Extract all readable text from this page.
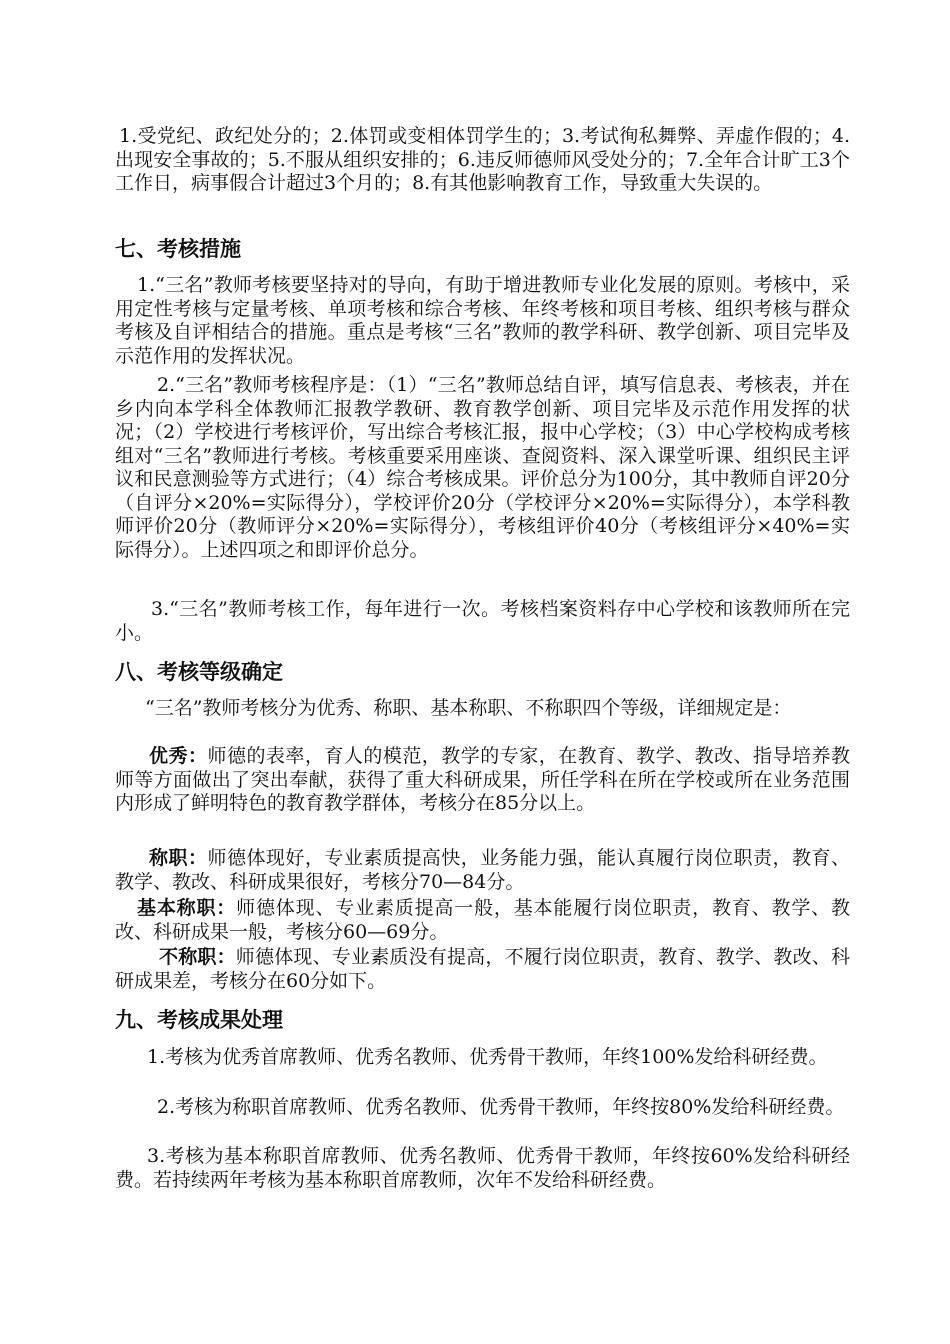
1.受党纪、政纪处分的；2.体罚或变相体罚学生的；3.考试徇私舞弊、弄虚作假的；4.出现安全事故的；5.不服从组织安排的；6.违反师德师风受处分的；7.全年合计旷工3个工作日，病事假合计超过3个月的；8.有其他影响教育工作，导致重大失误的。

七、考核措施

1.“三名”教师考核要坚持对的导向，有助于增进教师专业化发展的原则。考核中，采用定性考核与定量考核、单项考核和综合考核、年终考核和项目考核、组织考核与群众考核及自评相结合的措施。重点是考核“三名”教师的教学科研、教学创新、项目完毕及示范作用的发挥状况。

2.“三名”教师考核程序是：（1）“三名”教师总结自评，填写信息表、考核表，并在乡内向本学科全体教师汇报教学教研、教育教学创新、项目完毕及示范作用发挥的状况；（2）学校进行考核评价，写出综合考核汇报，报中心学校；（3）中心学校构成考核组对“三名”教师进行考核。考核重要采用座谈、查阅资料、深入课堂听课、组织民主评议和民意测验等方式进行；（4）综合考核成果。评价总分为100分，其中教师自评20分（自评分×20%=实际得分），学校评价20分（学校评分×20%=实际得分），本学科教师评价20分（教师评分×20%=实际得分），考核组评价40分（考核组评分×40%=实际得分）。上述四项之和即评价总分。

3.“三名”教师考核工作，每年进行一次。考核档案资料存中心学校和该教师所在完小。

八、考核等级确定

“三名”教师考核分为优秀、称职、基本称职、不称职四个等级，详细规定是：

优秀：师德的表率，育人的模范，教学的专家，在教育、教学、教改、指导培养教师等方面做出了突出奉献，获得了重大科研成果，所任学科在所在学校或所在业务范围内形成了鲜明特色的教育教学群体，考核分在85分以上。

称职：师德体现好，专业素质提高快，业务能力强，能认真履行岗位职责，教育、教学、教改、科研成果很好，考核分70—84分。

基本称职：师德体现、专业素质提高一般，基本能履行岗位职责，教育、教学、教改、科研成果一般，考核分60—69分。

不称职：师德体现、专业素质没有提高，不履行岗位职责，教育、教学、教改、科研成果差，考核分在60分如下。

九、考核成果处理

1.考核为优秀首席教师、优秀名教师、优秀骨干教师，年终100%发给科研经费。

2.考核为称职首席教师、优秀名教师、优秀骨干教师，年终按80%发给科研经费。

3.考核为基本称职首席教师、优秀名教师、优秀骨干教师，年终按60%发给科研经费。若持续两年考核为基本称职首席教师，次年不发给科研经费。
